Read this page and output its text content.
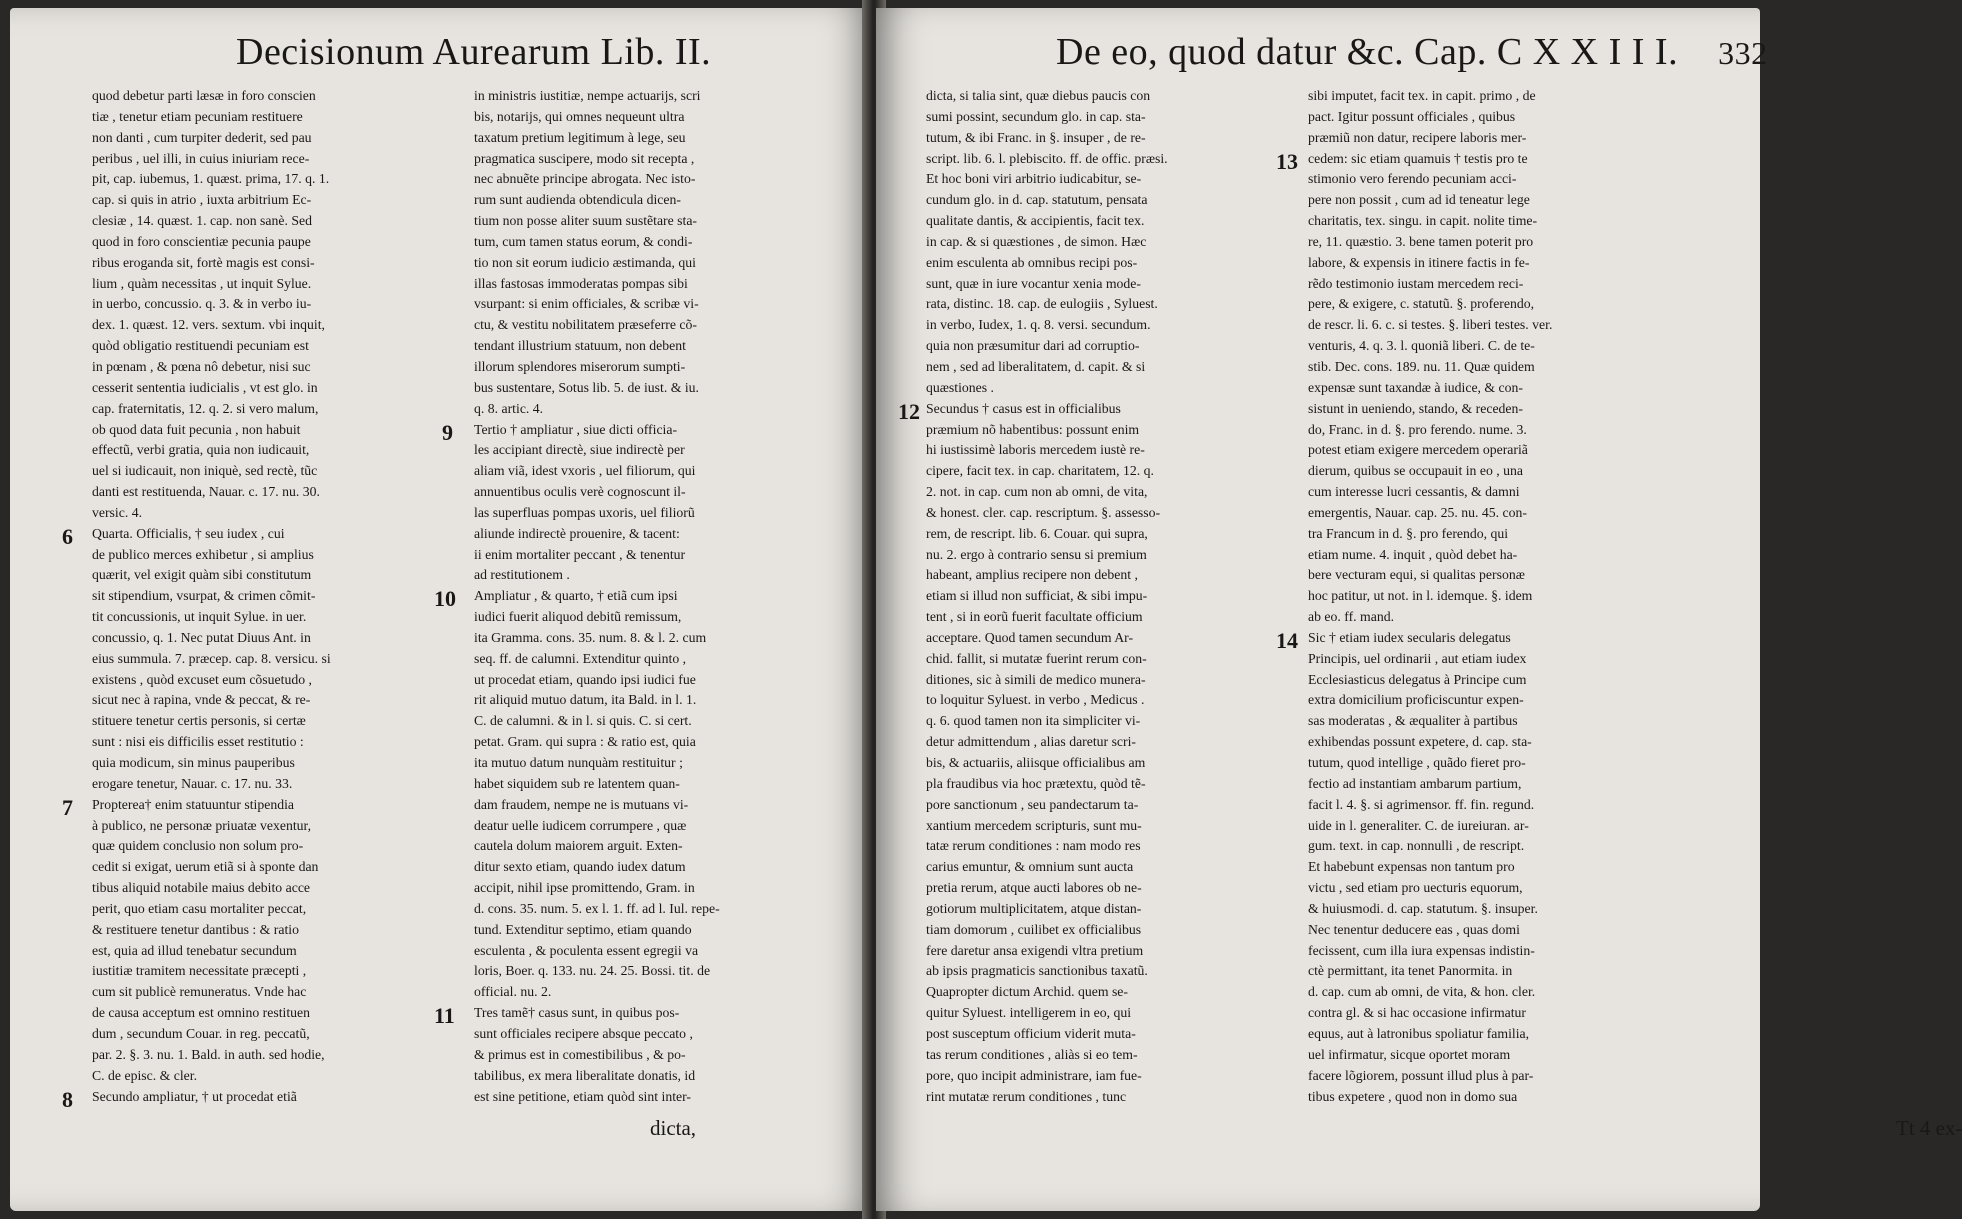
Decisionum Aurearum Lib. II.
quod debetur parti læsæ in foro conscien
tiæ , tenetur etiam pecuniam restituere
non danti , cum turpiter dederit, sed pau
peribus , uel illi, in cuius iniuriam rece-
pit, cap. iubemus, 1. quæst. prima, 17. q. 1.
cap. si quis in atrio , iuxta arbitrium Ec-
clesiæ , 14. quæst. 1. cap. non sanè. Sed
quod in foro conscientiæ pecunia paupe
ribus eroganda sit, fortè magis est consi-
lium , quàm necessitas , ut inquit Sylue.
in uerbo, concussio. q. 3. & in verbo iu-
dex. 1. quæst. 12. vers. sextum. vbi inquit,
quòd obligatio restituendi pecuniam est
in pœnam , & pœna nô debetur, nisi suc
cesserit sententia iudicialis , vt est glo. in
cap. fraternitatis, 12. q. 2. si vero malum,
ob quod data fuit pecunia , non habuit
effectũ, verbi gratia, quia non iudicauit,
uel si iudicauit, non iniquè, sed rectè, tũc
danti est restituenda, Nauar. c. 17. nu. 30.
versic. 4.
Quarta. Officialis, † seu iudex , cui
de publico merces exhibetur , si amplius
quærit, vel exigit quàm sibi constitutum
sit stipendium, vsurpat, & crimen cõmit-
tit concussionis, ut inquit Sylue. in uer.
concussio, q. 1. Nec putat Diuus Ant. in
eius summula. 7. præcep. cap. 8. versicu. si
existens , quòd excuset eum cõsuetudo ,
sicut nec à rapina, vnde & peccat, & re-
stituere tenetur certis personis, si certæ
sunt : nisi eis difficilis esset restitutio :
quia modicum, sin minus pauperibus
erogare tenetur, Nauar. c. 17. nu. 33.
Propterea† enim statuuntur stipendia
à publico, ne personæ priuatæ vexentur,
quæ quidem conclusio non solum pro-
cedit si exigat, uerum etiã si à sponte dan
tibus aliquid notabile maius debito acce
perit, quo etiam casu mortaliter peccat,
& restituere tenetur dantibus : & ratio
est, quia ad illud tenebatur secundum
iustitiæ tramitem necessitate præcepti ,
cum sit publicè remuneratus. Vnde hac
de causa acceptum est omnino restituen
dum , secundum Couar. in reg. peccatũ,
par. 2. §. 3. nu. 1. Bald. in auth. sed hodie,
C. de episc. & cler.
Secundo ampliatur, † ut procedat etiã
in ministris iustitiæ, nempe actuarijs, scri
bis, notarijs, qui omnes nequeunt ultra
taxatum pretium legitimum à lege, seu
pragmatica suscipere, modo sit recepta ,
nec abnuẽte principe abrogata. Nec isto-
rum sunt audienda obtendicula dicen-
tium non posse aliter suum sustẽtare sta-
tum, cum tamen status eorum, & condi-
tio non sit eorum iudicio æstimanda, qui
illas fastosas immoderatas pompas sibi
vsurpant: si enim officiales, & scribæ vi-
ctu, & vestitu nobilitatem præseferre cõ-
tendant illustrium statuum, non debent
illorum splendores miserorum sumpti-
bus sustentare, Sotus lib. 5. de iust. & iu.
q. 8. artic. 4.
Tertio † ampliatur , siue dicti officia-
les accipiant directè, siue indirectè per
aliam viã, idest vxoris , uel filiorum, qui
annuentibus oculis verè cognoscunt il-
las superfluas pompas uxoris, uel filiorũ
aliunde indirectè prouenire, & tacent:
ii enim mortaliter peccant , & tenentur
ad restitutionem .
Ampliatur , & quarto, † etiã cum ipsi
iudici fuerit aliquod debitũ remissum,
ita Gramma. cons. 35. num. 8. & l. 2. cum
seq. ff. de calumni. Extenditur quinto ,
ut procedat etiam, quando ipsi iudici fue
rit aliquid mutuo datum, ita Bald. in l. 1.
C. de calumni. & in l. si quis. C. si cert.
petat. Gram. qui supra : & ratio est, quia
ita mutuo datum nunquàm restituitur ;
habet siquidem sub re latentem quan-
dam fraudem, nempe ne is mutuans vi-
deatur uelle iudicem corrumpere , quæ
cautela dolum maiorem arguit. Exten-
ditur sexto etiam, quando iudex datum
accipit, nihil ipse promittendo, Gram. in
d. cons. 35. num. 5. ex l. 1. ff. ad l. Iul. repe-
tund. Extenditur septimo, etiam quando
esculenta , & poculenta essent egregii va
loris, Boer. q. 133. nu. 24. 25. Bossi. tit. de
official. nu. 2.
Tres tamẽ† casus sunt, in quibus pos-
sunt officiales recipere absque peccato ,
& primus est in comestibilibus , & po-
tabilibus, ex mera liberalitate donatis, id
est sine petitione, etiam quòd sint inter-
6
7
8
9
10
11
dicta,
De eo, quod datur &c. Cap. C X X I I I. 332
dicta, si talia sint, quæ diebus paucis con
sumi possint, secundum glo. in cap. sta-
tutum, & ibi Franc. in §. insuper , de re-
script. lib. 6. l. plebiscito. ff. de offic. præsi.
Et hoc boni viri arbitrio iudicabitur, se-
cundum glo. in d. cap. statutum, pensata
qualitate dantis, & accipientis, facit tex.
in cap. & si quæstiones , de simon. Hæc
enim esculenta ab omnibus recipi pos-
sunt, quæ in iure vocantur xenia mode-
rata, distinc. 18. cap. de eulogiis , Syluest.
in verbo, Iudex, 1. q. 8. versi. secundum.
quia non præsumitur dari ad corruptio-
nem , sed ad liberalitatem, d. capit. & si
quæstiones .
Secundus † casus est in officialibus
præmium nõ habentibus: possunt enim
hi iustissimè laboris mercedem iustè re-
cipere, facit tex. in cap. charitatem, 12. q.
2. not. in cap. cum non ab omni, de vita,
& honest. cler. cap. rescriptum. §. assesso-
rem, de rescript. lib. 6. Couar. qui supra,
nu. 2. ergo à contrario sensu si premium
habeant, amplius recipere non debent ,
etiam si illud non sufficiat, & sibi impu-
tent , si in eorũ fuerit facultate officium
acceptare. Quod tamen secundum Ar-
chid. fallit, si mutatæ fuerint rerum con-
ditiones, sic à simili de medico munera-
to loquitur Syluest. in verbo , Medicus .
q. 6. quod tamen non ita simpliciter vi-
detur admittendum , alias daretur scri-
bis, & actuariis, aliisque officialibus am
pla fraudibus via hoc prætextu, quòd tẽ-
pore sanctionum , seu pandectarum ta-
xantium mercedem scripturis, sunt mu-
tatæ rerum conditiones : nam modo res
carius emuntur, & omnium sunt aucta
pretia rerum, atque aucti labores ob ne-
gotiorum multiplicitatem, atque distan-
tiam domorum , cuilibet ex officialibus
fere daretur ansa exigendi vltra pretium
ab ipsis pragmaticis sanctionibus taxatũ.
Quapropter dictum Archid. quem se-
quitur Syluest. intelligerem in eo, qui
post susceptum officium viderit muta-
tas rerum conditiones , aliàs si eo tem-
pore, quo incipit administrare, iam fue-
rint mutatæ rerum conditiones , tunc
sibi imputet, facit tex. in capit. primo , de
pact. Igitur possunt officiales , quibus
præmiũ non datur, recipere laboris mer-
cedem: sic etiam quamuis † testis pro te
stimonio vero ferendo pecuniam acci-
pere non possit , cum ad id teneatur lege
charitatis, tex. singu. in capit. nolite time-
re, 11. quæstio. 3. bene tamen poterit pro
labore, & expensis in itinere factis in fe-
rẽdo testimonio iustam mercedem reci-
pere, & exigere, c. statutũ. §. proferendo,
de rescr. li. 6. c. si testes. §. liberi testes. ver.
venturis, 4. q. 3. l. quoniã liberi. C. de te-
stib. Dec. cons. 189. nu. 11. Quæ quidem
expensæ sunt taxandæ à iudice, & con-
sistunt in ueniendo, stando, & receden-
do, Franc. in d. §. pro ferendo. nume. 3.
potest etiam exigere mercedem operariã
dierum, quibus se occupauit in eo , una
cum interesse lucri cessantis, & damni
emergentis, Nauar. cap. 25. nu. 45. con-
tra Francum in d. §. pro ferendo, qui
etiam nume. 4. inquit , quòd debet ha-
bere vecturam equi, si qualitas personæ
hoc patitur, ut not. in l. idemque. §. idem
ab eo. ff. mand.
Sic † etiam iudex secularis delegatus
Principis, uel ordinarii , aut etiam iudex
Ecclesiasticus delegatus à Principe cum
extra domicilium proficiscuntur expen-
sas moderatas , & æqualiter à partibus
exhibendas possunt expetere, d. cap. sta-
tutum, quod intellige , quãdo fieret pro-
fectio ad instantiam ambarum partium,
facit l. 4. §. si agrimensor. ff. fin. regund.
uide in l. generaliter. C. de iureiuran. ar-
gum. text. in cap. nonnulli , de rescript.
Et habebunt expensas non tantum pro
victu , sed etiam pro uecturis equorum,
& huiusmodi. d. cap. statutum. §. insuper.
Nec tenentur deducere eas , quas domi
fecissent, cum illa iura expensas indistin-
ctè permittant, ita tenet Panormita. in
d. cap. cum ab omni, de vita, & hon. cler.
contra gl. & si hac occasione infirmatur
equus, aut à latronibus spoliatur familia,
uel infirmatur, sicque oportet moram
facere lõgiorem, possunt illud plus à par-
tibus expetere , quod non in domo sua
12
13
14
Tt 4 ex-
